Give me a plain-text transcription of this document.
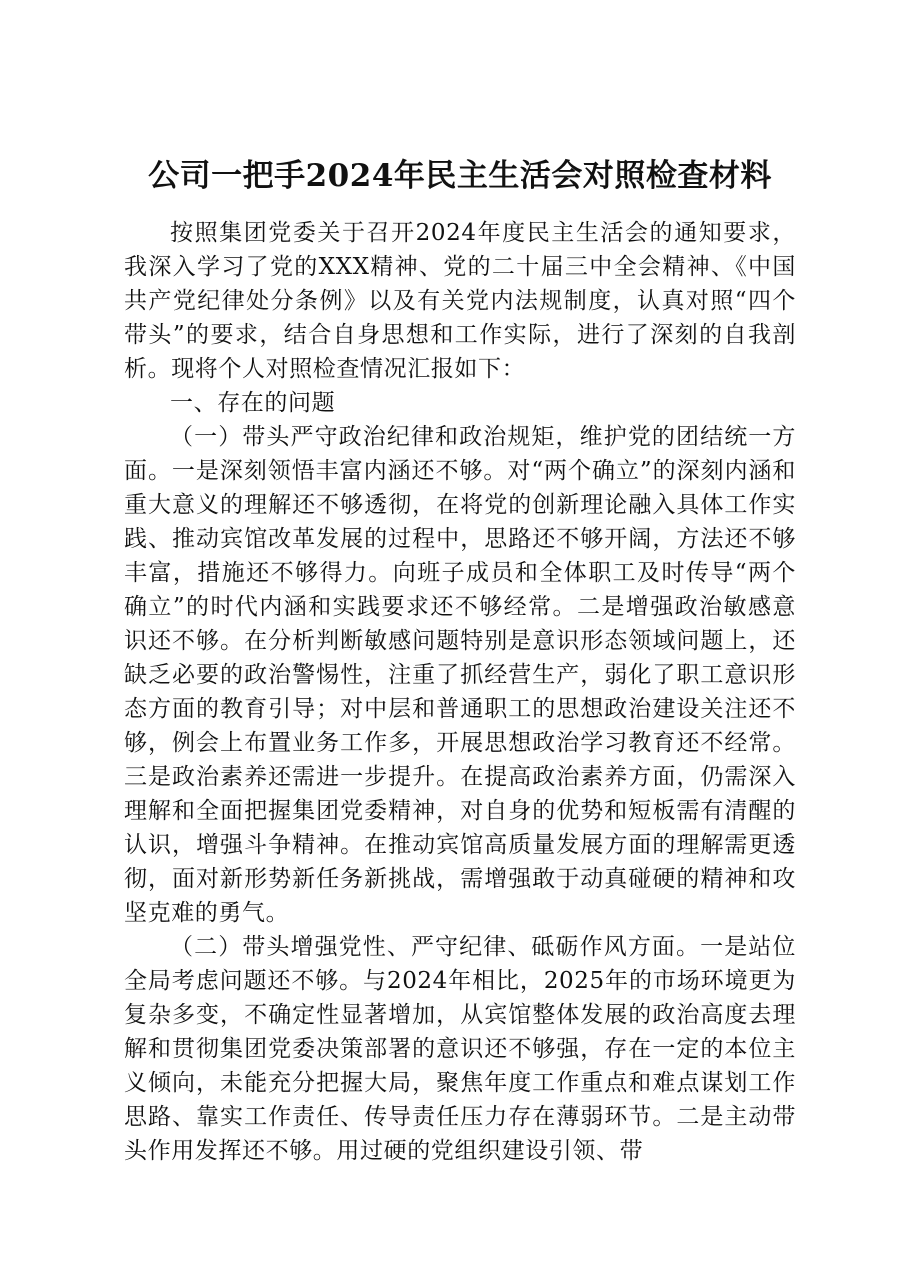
公司一把手2024年民主生活会对照检查材料

按照集团党委关于召开2024年度民主生活会的通知要求，我深入学习了党的XXX精神、党的二十届三中全会精神、《中国共产党纪律处分条例》以及有关党内法规制度，认真对照“四个带头”的要求，结合自身思想和工作实际，进行了深刻的自我剖析。现将个人对照检查情况汇报如下：

一、存在的问题

（一）带头严守政治纪律和政治规矩，维护党的团结统一方面。一是深刻领悟丰富内涵还不够。对“两个确立”的深刻内涵和重大意义的理解还不够透彻，在将党的创新理论融入具体工作实践、推动宾馆改革发展的过程中，思路还不够开阔，方法还不够丰富，措施还不够得力。向班子成员和全体职工及时传导“两个确立”的时代内涵和实践要求还不够经常。二是增强政治敏感意识还不够。在分析判断敏感问题特别是意识形态领域问题上，还缺乏必要的政治警惕性，注重了抓经营生产，弱化了职工意识形态方面的教育引导；对中层和普通职工的思想政治建设关注还不够，例会上布置业务工作多，开展思想政治学习教育还不经常。三是政治素养还需进一步提升。在提高政治素养方面，仍需深入理解和全面把握集团党委精神，对自身的优势和短板需有清醒的认识，增强斗争精神。在推动宾馆高质量发展方面的理解需更透彻，面对新形势新任务新挑战，需增强敢于动真碰硬的精神和攻坚克难的勇气。

（二）带头增强党性、严守纪律、砥砺作风方面。一是站位全局考虑问题还不够。与2024年相比，2025年的市场环境更为复杂多变，不确定性显著增加，从宾馆整体发展的政治高度去理解和贯彻集团党委决策部署的意识还不够强，存在一定的本位主义倾向，未能充分把握大局，聚焦年度工作重点和难点谋划工作思路、靠实工作责任、传导责任压力存在薄弱环节。二是主动带头作用发挥还不够。用过硬的党组织建设引领、带
